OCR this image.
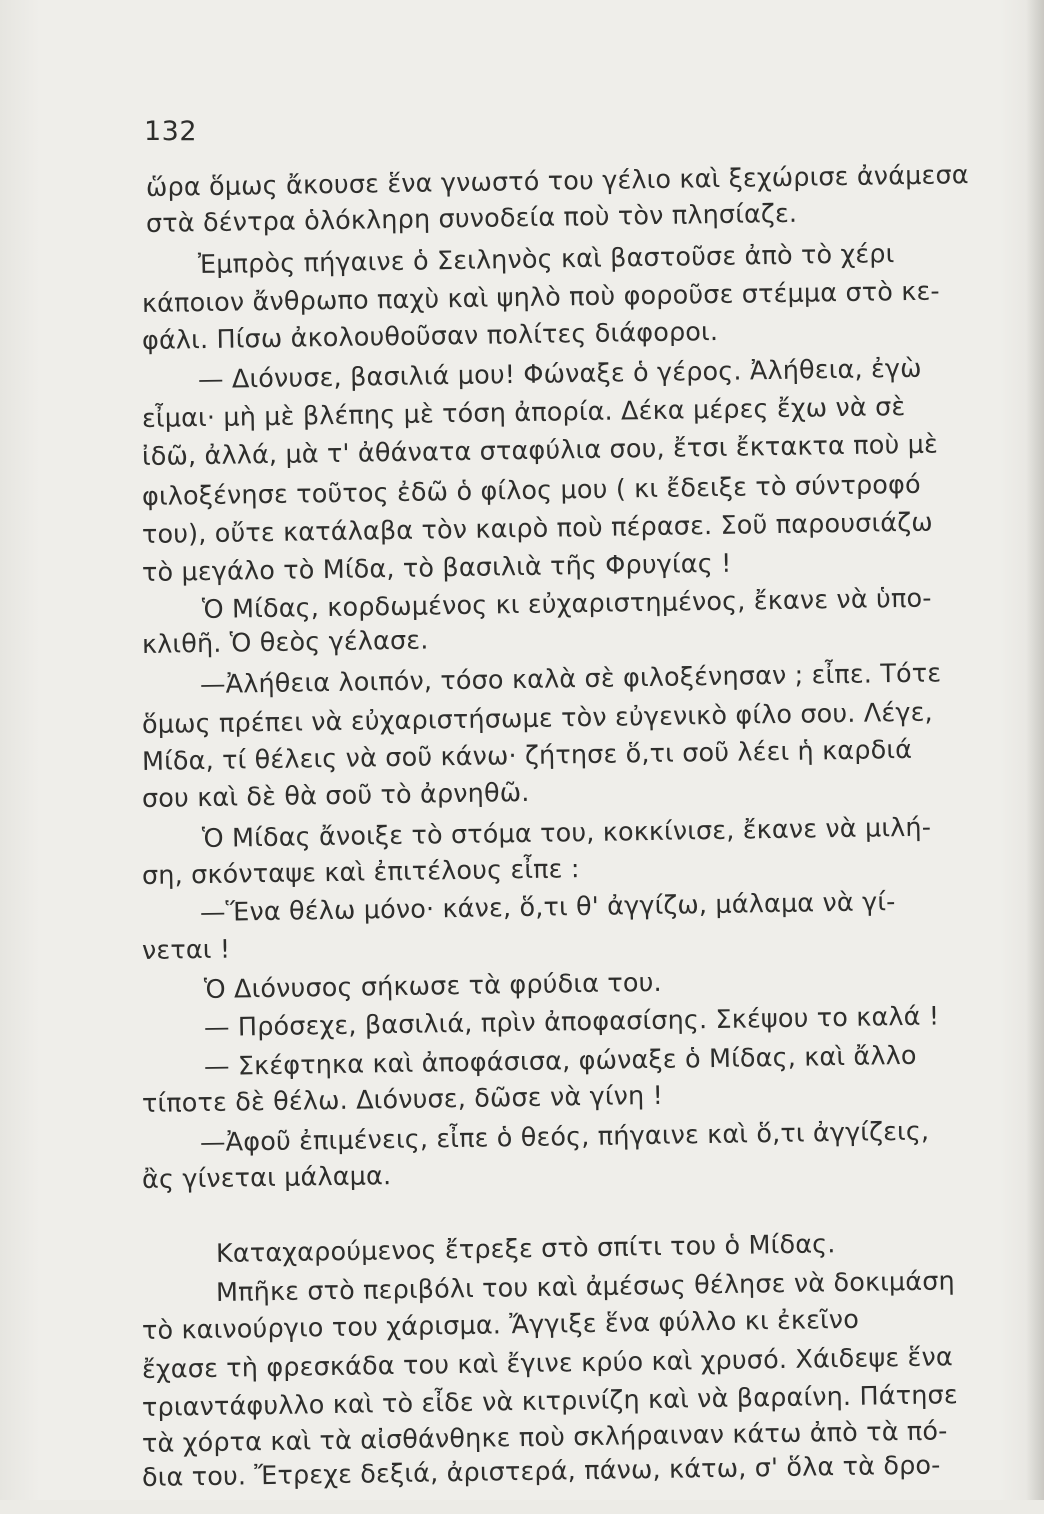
132
ὥρα ὅμως ἄκουσε ἕνα γνωστό του γέλιο καὶ ξεχώρισε ἀνάμεσα
στὰ δέντρα ὁλόκληρη συνοδεία ποὺ τὸν πλησίαζε.
Ἐμπρὸς πήγαινε ὁ Σειληνὸς καὶ βαστοῦσε ἀπὸ τὸ χέρι
κάποιον ἄνθρωπο παχὺ καὶ ψηλὸ ποὺ φοροῦσε στέμμα στὸ κε-
φάλι. Πίσω ἀκολουθοῦσαν πολίτες διάφοροι.
— Διόνυσε, βασιλιά μου! Φώναξε ὁ γέρος. Ἀλήθεια, ἐγὼ
εἶμαι· μὴ μὲ βλέπης μὲ τόση ἀπορία. Δέκα μέρες ἔχω νὰ σὲ
ἰδῶ, ἀλλά, μὰ τ' ἀθάνατα σταφύλια σου, ἔτσι ἔκτακτα ποὺ μὲ
φιλοξένησε τοῦτος ἐδῶ ὁ φίλος μου ( κι ἔδειξε τὸ σύντροφό
του), οὔτε κατάλαβα τὸν καιρὸ ποὺ πέρασε. Σοῦ παρουσιάζω
τὸ μεγάλο τὸ Μίδα, τὸ βασιλιὰ τῆς Φρυγίας !
Ὁ Μίδας, κορδωμένος κι εὐχαριστημένος, ἔκανε νὰ ὑπο-
κλιθῆ. Ὁ θεὸς γέλασε.
—Ἀλήθεια λοιπόν, τόσο καλὰ σὲ φιλοξένησαν ; εἶπε. Τότε
ὅμως πρέπει νὰ εὐχαριστήσωμε τὸν εὐγενικὸ φίλο σου. Λέγε,
Μίδα, τί θέλεις νὰ σοῦ κάνω· ζήτησε ὅ,τι σοῦ λέει ἡ καρδιά
σου καὶ δὲ θὰ σοῦ τὸ ἀρνηθῶ.
Ὁ Μίδας ἄνοιξε τὸ στόμα του, κοκκίνισε, ἔκανε νὰ μιλή-
ση, σκόνταψε καὶ ἐπιτέλους εἶπε :
—Ἕνα θέλω μόνο· κάνε, ὅ,τι θ' ἀγγίζω, μάλαμα νὰ γί-
νεται !
Ὁ Διόνυσος σήκωσε τὰ φρύδια του.
— Πρόσεχε, βασιλιά, πρὶν ἀποφασίσης. Σκέψου το καλά !
— Σκέφτηκα καὶ ἀποφάσισα, φώναξε ὁ Μίδας, καὶ ἄλλο
τίποτε δὲ θέλω. Διόνυσε, δῶσε νὰ γίνη !
—Ἀφοῦ ἐπιμένεις, εἶπε ὁ θεός, πήγαινε καὶ ὅ,τι ἀγγίζεις,
ἂς γίνεται μάλαμα.
Καταχαρούμενος ἔτρεξε στὸ σπίτι του ὁ Μίδας.
Μπῆκε στὸ περιβόλι του καὶ ἀμέσως θέλησε νὰ δοκιμάση
τὸ καινούργιο του χάρισμα. Ἄγγιξε ἕνα φύλλο κι ἐκεῖνο
ἔχασε τὴ φρεσκάδα του καὶ ἔγινε κρύο καὶ χρυσό. Χάιδεψε ἕνα
τριαντάφυλλο καὶ τὸ εἶδε νὰ κιτρινίζη καὶ νὰ βαραίνη. Πάτησε
τὰ χόρτα καὶ τὰ αἰσθάνθηκε ποὺ σκλήραιναν κάτω ἀπὸ τὰ πό-
δια του. Ἔτρεχε δεξιά, ἀριστερά, πάνω, κάτω, σ' ὅλα τὰ δρο-
